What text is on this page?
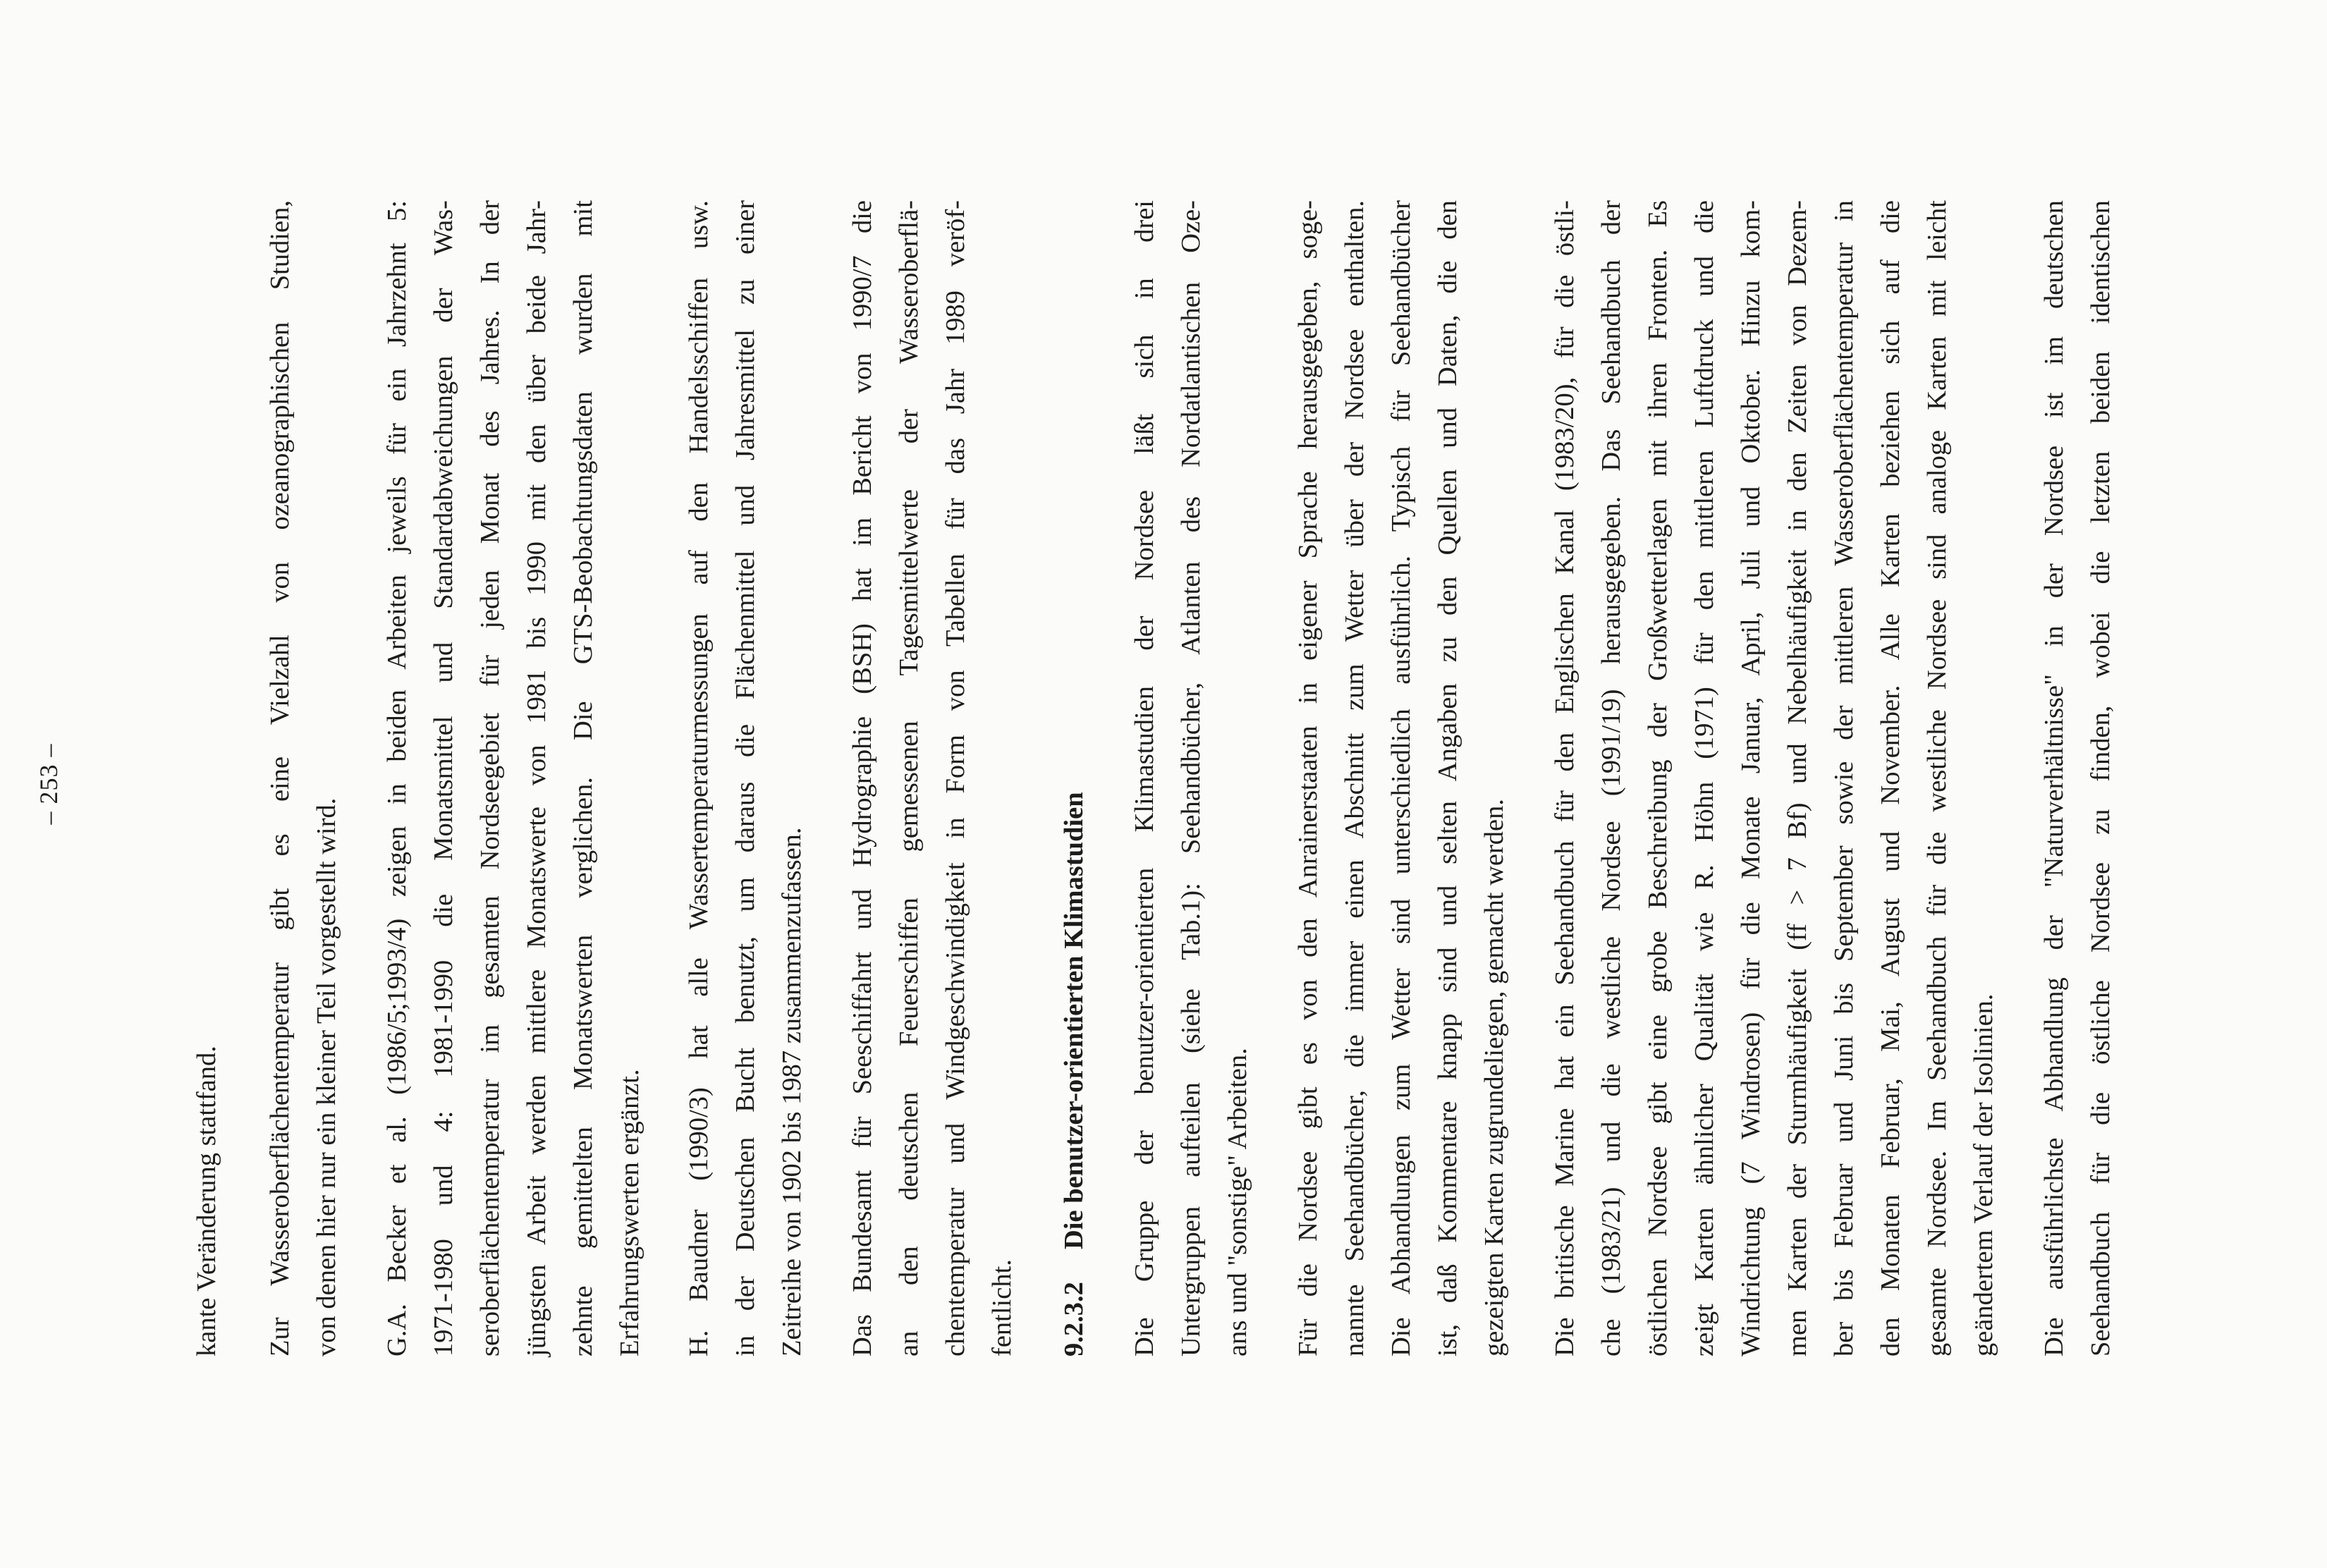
– 253 –
kante Veränderung stattfand.	Zur Wasseroberflächentemperatur gibt es eine Vielzahl von ozeanographischen Studien, von denen hier nur ein kleiner Teil vorgestellt wird.	G.A. Becker et al. (1986/5;1993/4) zeigen in beiden Arbeiten jeweils für ein Jahrzehnt 5: 1971-1980 und 4: 1981-1990 die Monatsmittel und Standardabweichungen der Was- seroberflächentemperatur im gesamten Nordseegebiet für jeden Monat des Jahres. In der jüngsten Arbeit werden mittlere Monatswerte von 1981 bis 1990 mit den über beide Jahr- zehnte gemittelten Monatswerten verglichen. Die GTS-Beobachtungsdaten wurden mit Erfahrungswerten ergänzt.	H. Baudner (1990/3) hat alle Wassertemperaturmessungen auf den Handelsschiffen usw. in der Deutschen Bucht benutzt, um daraus die Flächenmittel und Jahresmittel zu einer Zeitreihe von 1902 bis 1987 zusammenzufassen.	Das Bundesamt für Seeschiffahrt und Hydrographie (BSH) hat im Bericht von 1990/7 die an den deutschen Feuerschiffen gemessenen Tagesmittelwerte der Wasseroberflä- chentemperatur und Windgeschwindigkeit in Form von Tabellen für das Jahr 1989 veröf- fentlicht.	9.2.3.2Die benutzer-orientierten Klimastudien	Die Gruppe der benutzer-orientierten Klimastudien der Nordsee läßt sich in drei Untergruppen aufteilen (siehe Tab.1): Seehandbücher, Atlanten des Nordatlantischen Oze- ans und "sonstige" Arbeiten.	Für die Nordsee gibt es von den Anrainerstaaten in eigener Sprache herausgegeben, soge- nannte Seehandbücher, die immer einen Abschnitt zum Wetter über der Nordsee enthalten. Die Abhandlungen zum Wetter sind unterschiedlich ausführlich. Typisch für Seehandbücher ist, daß Kommentare knapp sind und selten Angaben zu den Quellen und Daten, die den gezeigten Karten zugrundeliegen, gemacht werden.	Die britische Marine hat ein Seehandbuch für den Englischen Kanal (1983/20), für die östli- che (1983/21) und die westliche Nordsee (1991/19) herausgegeben. Das Seehandbuch der östlichen Nordsee gibt eine grobe Beschreibung der Großwetterlagen mit ihren Fronten. Es zeigt Karten ähnlicher Qualität wie R. Höhn (1971) für den mittleren Luftdruck und die Windrichtung (7 Windrosen) für die Monate Januar, April, Juli und Oktober. Hinzu kom- men Karten der Sturmhäufigkeit (ff > 7 Bf) und Nebelhäufigkeit in den Zeiten von Dezem- ber bis Februar und Juni bis September sowie der mittleren Wasseroberflächentemperatur in den Monaten Februar, Mai, August und November. Alle Karten beziehen sich auf die gesamte Nordsee. Im Seehandbuch für die westliche Nordsee sind analoge Karten mit leicht geändertem Verlauf der Isolinien.	Die ausführlichste Abhandlung der "Naturverhältnisse" in der Nordsee ist im deutschen Seehandbuch für die östliche Nordsee zu finden, wobei die letzten beiden identischen
